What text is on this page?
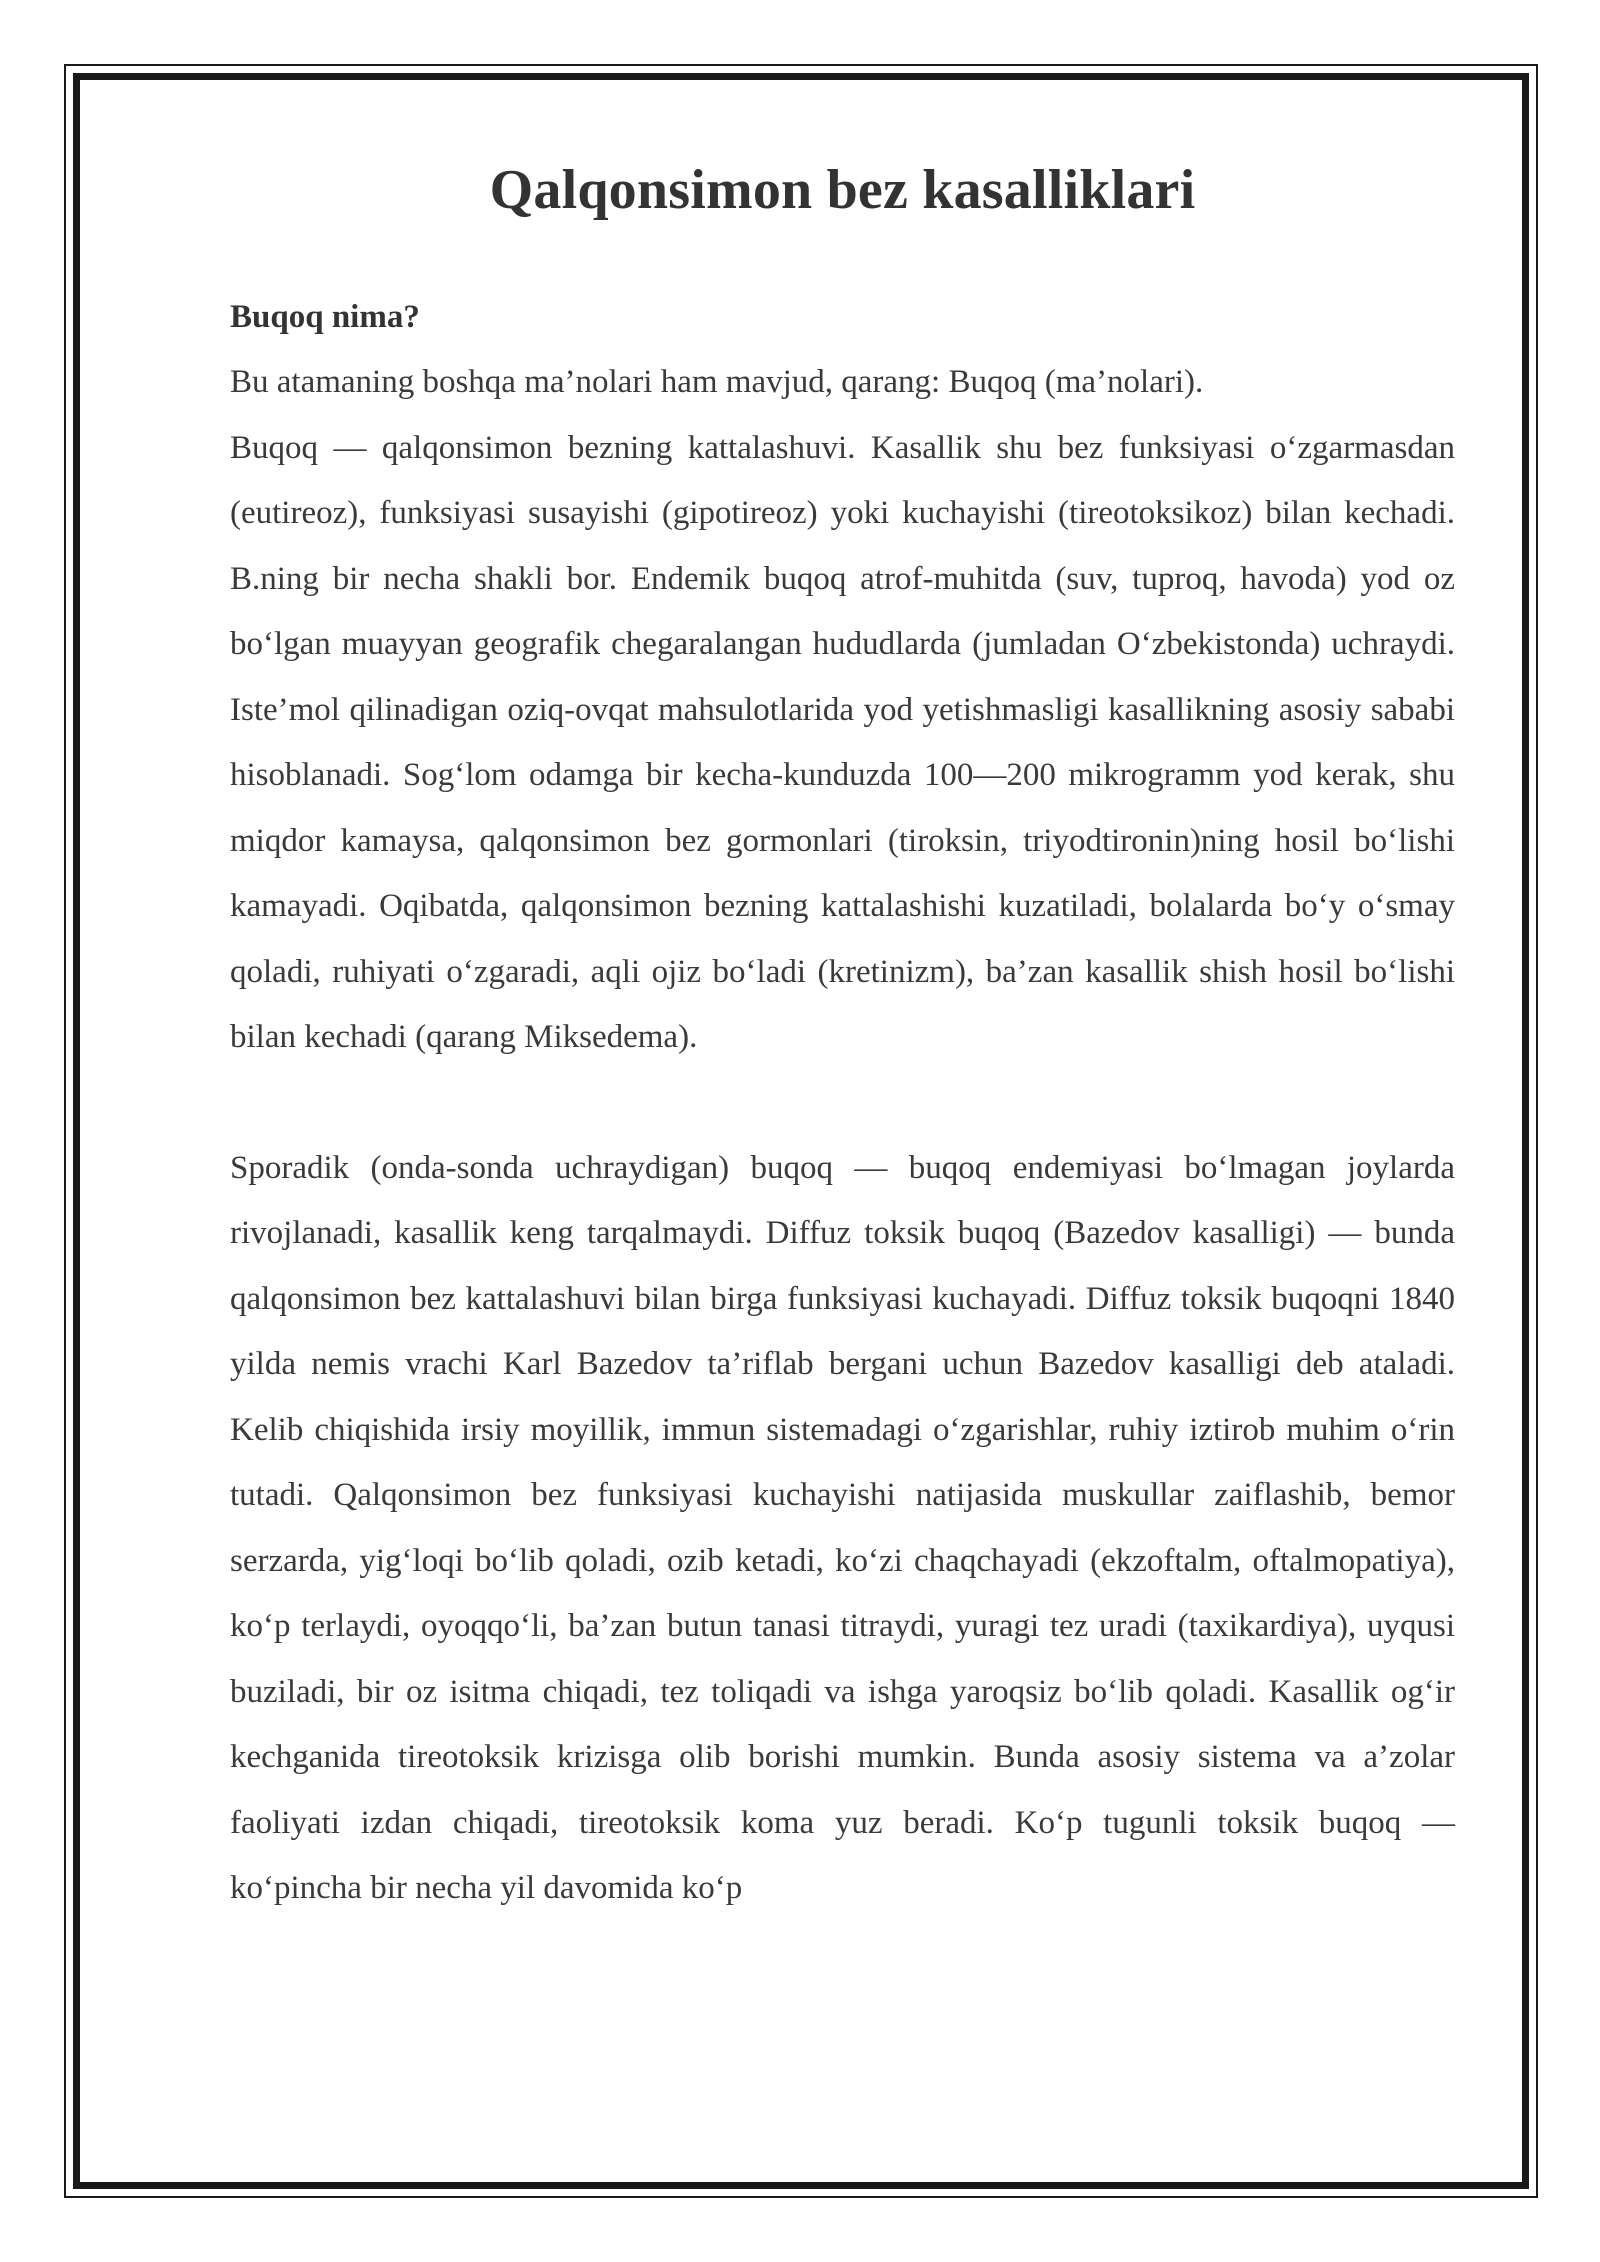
Qalqonsimon bez kasalliklari

Buqoq nima?

Bu atamaning boshqa ma’nolari ham mavjud, qarang: Buqoq (ma’nolari).

Buqoq — qalqonsimon bezning kattalashuvi. Kasallik shu bez funksiyasi o‘zgarmasdan (eutireoz), funksiyasi susayishi (gipotireoz) yoki kuchayishi (tireotoksikoz) bilan kechadi. B.ning bir necha shakli bor. Endemik buqoq atrof-muhitda (suv, tuproq, havoda) yod oz bo‘lgan muayyan geografik chegaralangan hududlarda (jumladan O‘zbekistonda) uchraydi. Iste’mol qilinadigan oziq-ovqat mahsulotlarida yod yetishmasligi kasallikning asosiy sababi hisoblanadi. Sog‘lom odamga bir kecha-kunduzda 100—200 mikrogramm yod kerak, shu miqdor kamaysa, qalqonsimon bez gormonlari (tiroksin, triyodtironin)ning hosil bo‘lishi kamayadi. Oqibatda, qalqonsimon bezning kattalashishi kuzatiladi, bolalarda bo‘y o‘smay qoladi, ruhiyati o‘zgaradi, aqli ojiz bo‘ladi (kretinizm), ba’zan kasallik shish hosil bo‘lishi bilan kechadi (qarang Miksedema).

Sporadik (onda-sonda uchraydigan) buqoq — buqoq endemiyasi bo‘lmagan joylarda rivojlanadi, kasallik keng tarqalmaydi. Diffuz toksik buqoq (Bazedov kasalligi) — bunda qalqonsimon bez kattalashuvi bilan birga funksiyasi kuchayadi. Diffuz toksik buqoqni 1840 yilda nemis vrachi Karl Bazedov ta’riflab bergani uchun Bazedov kasalligi deb ataladi. Kelib chiqishida irsiy moyillik, immun sistemadagi o‘zgarishlar, ruhiy iztirob muhim o‘rin tutadi. Qalqonsimon bez funksiyasi kuchayishi natijasida muskullar zaiflashib, bemor serzarda, yig‘loqi bo‘lib qoladi, ozib ketadi, ko‘zi chaqchayadi (ekzoftalm, oftalmopatiya), ko‘p terlaydi, oyoqqo‘li, ba’zan butun tanasi titraydi, yuragi tez uradi (taxikardiya), uyqusi buziladi, bir oz isitma chiqadi, tez toliqadi va ishga yaroqsiz bo‘lib qoladi. Kasallik og‘ir kechganida tireotoksik krizisga olib borishi mumkin. Bunda asosiy sistema va a’zolar faoliyati izdan chiqadi, tireotoksik koma yuz beradi. Ko‘p tugunli toksik buqoq — ko‘pincha bir necha yil davomida ko‘p
